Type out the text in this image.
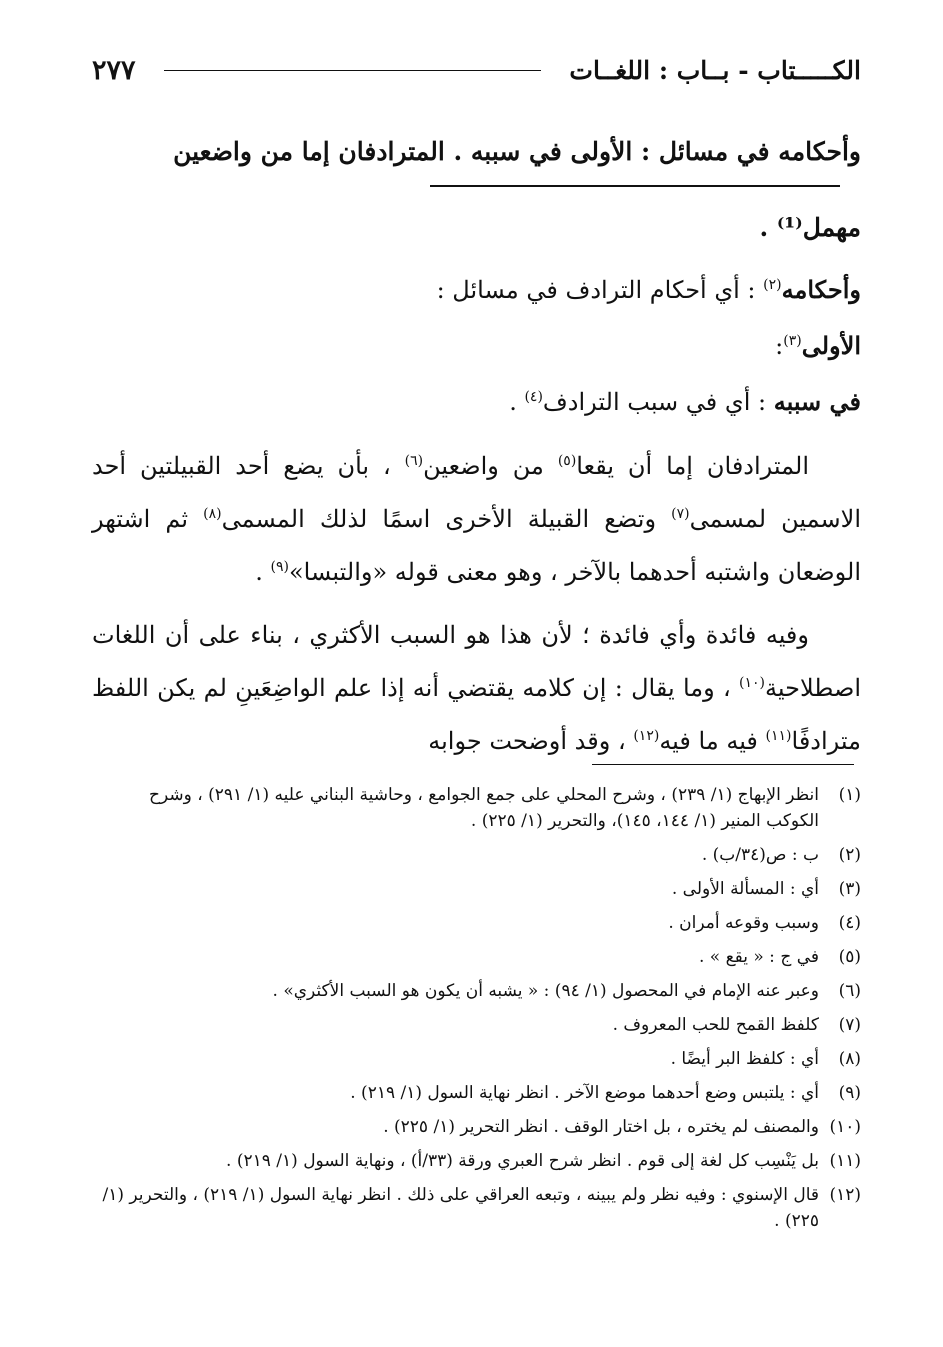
الكـــــتاب - بــاب : اللغــات
٢٧٧
وأحكامه في مسائل : الأولى في سببه . المترادفان إما من واضعين
مهمل⁽¹⁾ .
وأحكامه$^{(٢)}$ : أي أحكام الترادف في مسائل :
الأولى$^{(٣)}$:
في سببه : أي في سبب الترادف$^{(٤)}$ .
المترادفان إما أن يقعا$^{(٥)}$ من واضعين$^{(٦)}$ ، بأن يضع أحد القبيلتين أحد الاسمين لمسمى$^{(٧)}$ وتضع القبيلة الأخرى اسمًا لذلك المسمى$^{(٨)}$ ثم اشتهر الوضعان واشتبه أحدهما بالآخر ، وهو معنى قوله «والتبسا»$^{(٩)}$ .
وفيه فائدة وأي فائدة ؛ لأن هذا هو السبب الأكثري ، بناء على أن اللغات اصطلاحية$^{(١٠)}$ ، وما يقال : إن كلامه يقتضي أنه إذا علم الواضِعَينِ لم يكن اللفظ مترادفًا$^{(١١)}$ فيه ما فيه$^{(١٢)}$ ، وقد أوضحت جوابه
(١)
انظر الإبهاج (١/ ٢٣٩) ، وشرح المحلي على جمع الجوامع ، وحاشية البناني عليه (١/ ٢٩١) ، وشرح الكوكب المنير (١/ ١٤٤، ١٤٥)، والتحرير (١/ ٢٢٥) .
(٢)
ب : ص(٣٤/ب) .
(٣)
أي : المسألة الأولى .
(٤)
وسبب وقوعه أمران .
(٥)
في ج : « يقع » .
(٦)
وعبر عنه الإمام في المحصول (١/ ٩٤) : « يشبه أن يكون هو السبب الأكثري» .
(٧)
كلفظ القمح للحب المعروف .
(٨)
أي : كلفظ البر أيضًا .
(٩)
أي : يلتبس وضع أحدهما موضع الآخر . انظر نهاية السول (١/ ٢١٩) .
(١٠)
والمصنف لم يختره ، بل اختار الوقف . انظر التحرير (١/ ٢٢٥) .
(١١)
بل يَنْسِب كل لغة إلى قوم . انظر شرح العبري ورقة (٣٣/أ) ، ونهاية السول (١/ ٢١٩) .
(١٢)
قال الإسنوي : وفيه نظر ولم يبينه ، وتبعه العراقي على ذلك . انظر نهاية السول (١/ ٢١٩) ، والتحرير (١/ ٢٢٥) .
